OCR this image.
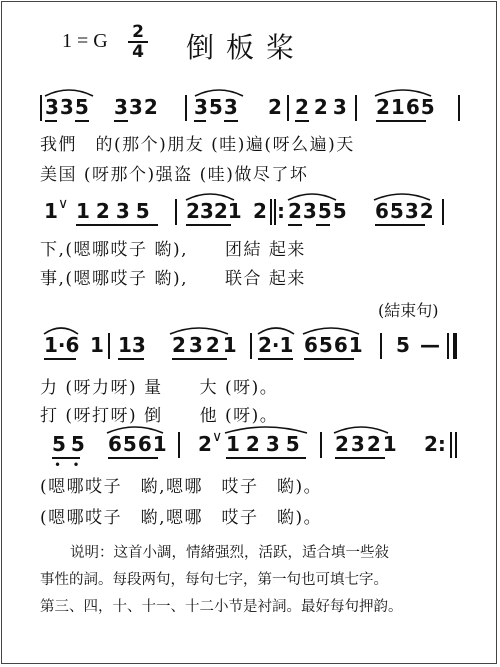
1 = G 2
4 倒板桨
335 332 353 2 223 2165
我們　的(那个)朋友 (哇)遍(呀么遍)天
美国 (呀那个)强盗 (哇)做尽了坏
1 ∨ 1235 2321 2 : 2355 6532
下,(嗯哪哎子 喲),　　团結 起来
事,(嗯哪哎子 喲),　　联合 起来
(結束句)
1·6 1 13 2321 2·1 6561 5 —
力 (呀力呀) 量　　大 (呀)。
打 (呀打呀) 倒　　他 (呀)。
55
•   •
6561 2 ∨ 1235 2321 2:
(嗯哪哎子　喲,嗯哪　哎子　喲)。
(嗯哪哎子　喲,嗯哪　哎子　喲)。
说明：这首小調，情緒强烈，活跃，适合填一些敍
事性的詞。每段两句，每句七字，第一句也可填七字。
第三、四，十、十一、十二小节是衬詞。最好每句押韵。
